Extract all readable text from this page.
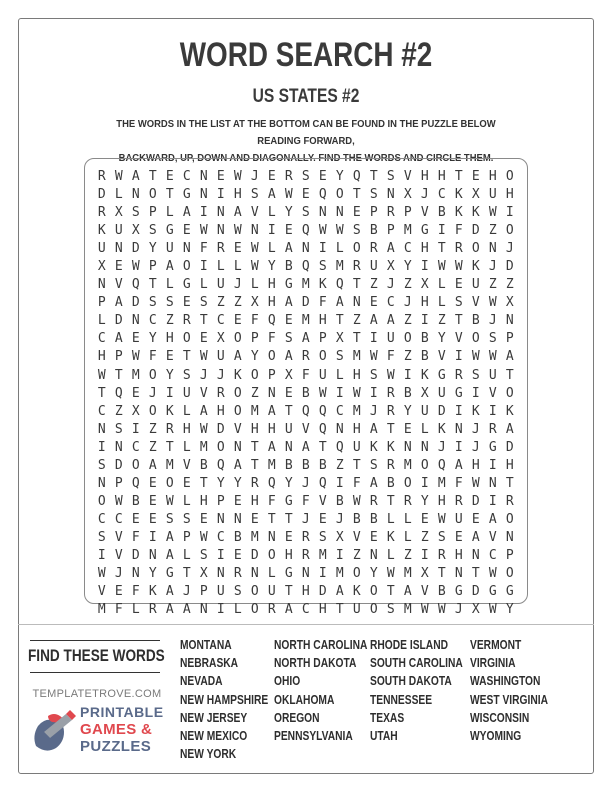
WORD SEARCH #2
US STATES #2
THE WORDS IN THE LIST AT THE BOTTOM CAN BE FOUND IN THE PUZZLE BELOW READING FORWARD,
BACKWARD, UP, DOWN AND DIAGONALLY. FIND THE WORDS AND CIRCLE THEM.
R W A T E C N E W J E R S E Y Q T S V H H T E H O
D L N O T G N I H S A W E Q O T S N X J C K X U H
R X S P L A I N A V L Y S N N E P R P V B K K W I
K U X S G E W N W N I E Q W W S B P M G I F D Z O
U N D Y U N F R E W L A N I L O R A C H T R O N J
X E W P A O I L L W Y B Q S M R U X Y I W W K J D
N V Q T L G L U J L H G M K Q T Z J Z X L E U Z Z
P A D S S E S Z Z X H A D F A N E C J H L S V W X
L D N C Z R T C E F Q E M H T Z A A Z I Z T B J N
C A E Y H O E X O P F S A P X T I U O B Y V O S P
H P W F E T W U A Y O A R O S M W F Z B V I W W A
W T M O Y S J J K O P X F U L H S W I K G R S U T
T Q E J I U V R O Z N E B W I W I R B X U G I V O
C Z X O K L A H O M A T Q Q C M J R Y U D I K I K
N S I Z R H W D V H H U V Q N H A T E L K N J R A
I N C Z T L M O N T A N A T Q U K K N N J I J G D
S D O A M V B Q A T M B B B Z T S R M O Q A H I H
N P Q E O E T Y Y R Q Y J Q I F A B O I M F W N T
O W B E W L H P E H F G F V B W R T R Y H R D I R
C C E E S S E N N E T T J E J B B L L E W U E A O
S V F I A P W C B M N E R S X V E K L Z S E A V N
I V D N A L S I E D O H R M I Z N L Z I R H N C P
W J N Y G T X N R N L G N I M O Y W M X T N T W O
V E F K A J P U S O U T H D A K O T A V B G D G G
M F L R A A N I L O R A C H T U O S M W W J X W Y
FIND THESE WORDS
TEMPLATETROVE.COM
PRINTABLE
GAMES &
PUZZLES
MONTANA
NEBRASKA
NEVADA
NEW HAMPSHIRE
NEW JERSEY
NEW MEXICO
NEW YORK
NORTH CAROLINA
NORTH DAKOTA
OHIO
OKLAHOMA
OREGON
PENNSYLVANIA
RHODE ISLAND
SOUTH CAROLINA
SOUTH DAKOTA
TENNESSEE
TEXAS
UTAH
VERMONT
VIRGINIA
WASHINGTON
WEST VIRGINIA
WISCONSIN
WYOMING
